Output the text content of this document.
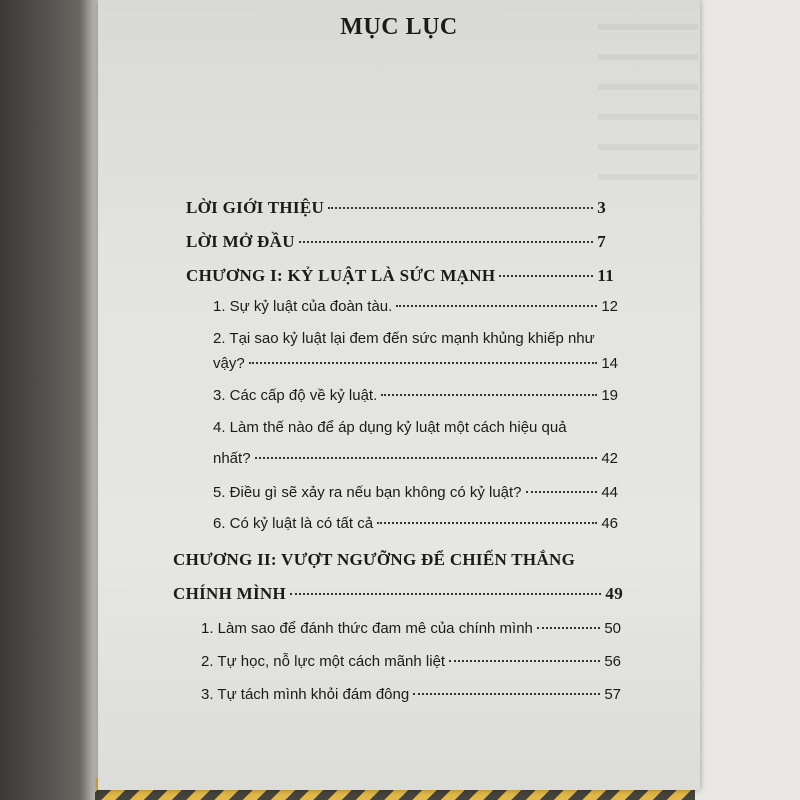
MỤC LỤC
LỜI GIỚI THIỆU	3
LỜI MỞ ĐẦU	7
CHƯƠNG I: KỶ LUẬT LÀ SỨC MẠNH	11
1. Sự kỷ luật của đoàn tàu.	12
2. Tại sao kỷ luật lại đem đến sức mạnh khủng khiếp như
vậy?	14
3. Các cấp độ về kỷ luật.	19
4. Làm thế nào để áp dụng kỷ luật một cách hiệu quả
nhất?	42
5. Điều gì sẽ xảy ra nếu bạn không có kỷ luật?	44
6. Có kỷ luật là có tất cả	46
CHƯƠNG II: VƯỢT NGƯỠNG ĐỂ CHIẾN THẮNG
CHÍNH MÌNH	49
1. Làm sao để đánh thức đam mê của chính mình	50
2. Tự học, nỗ lực một cách mãnh liệt	56
3. Tự tách mình khỏi đám đông	57
